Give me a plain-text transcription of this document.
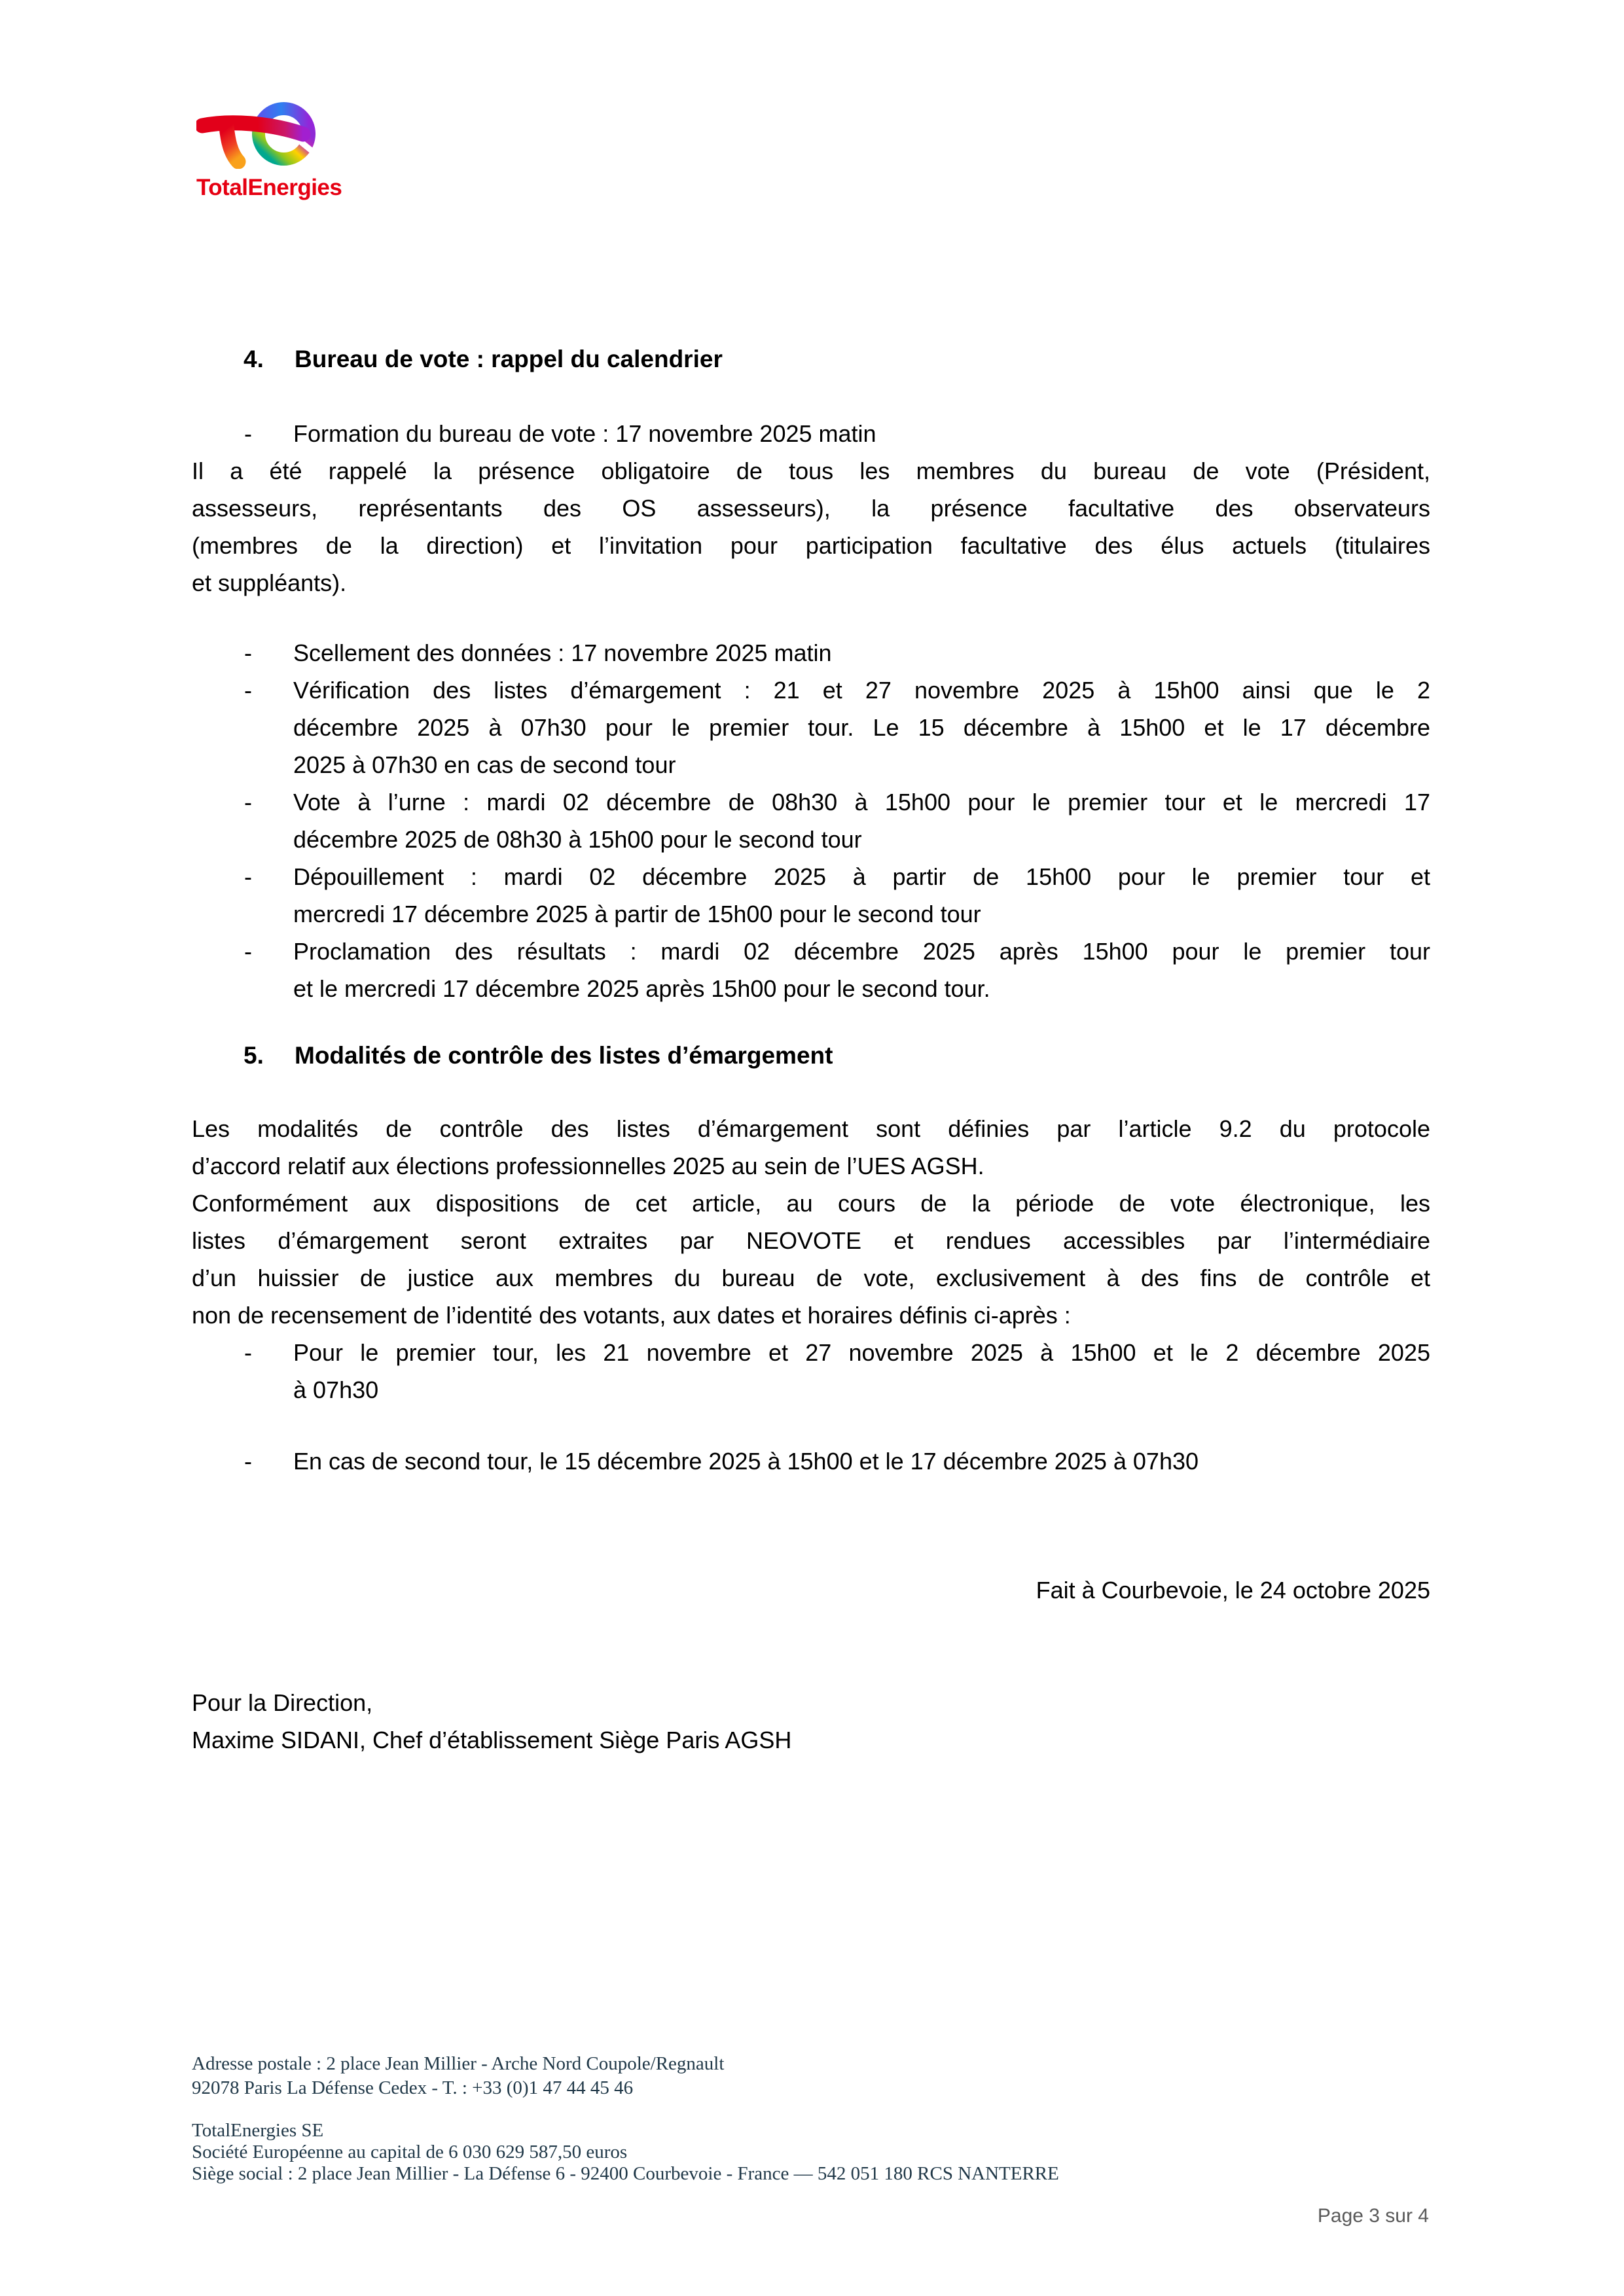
TotalEnergies
4.	Bureau de vote : rappel du calendrier
-	Formation du bureau de vote : 17 novembre 2025 matin
Il a été rappelé la présence obligatoire de tous les membres du bureau de vote (Président,
assesseurs, représentants des OS assesseurs), la présence facultative des observateurs
(membres de la direction) et l’invitation pour participation facultative des élus actuels (titulaires
et suppléants).
-	Scellement des données : 17 novembre 2025 matin
-	Vérification des listes d’émargement : 21 et 27 novembre 2025 à 15h00 ainsi que le 2
décembre 2025 à 07h30 pour le premier tour. Le 15 décembre à 15h00 et le 17 décembre
2025 à 07h30 en cas de second tour
-	Vote à l’urne : mardi 02 décembre de 08h30 à 15h00 pour le premier tour et le mercredi 17
décembre 2025 de 08h30 à 15h00 pour le second tour
-	Dépouillement : mardi 02 décembre 2025 à partir de 15h00 pour le premier tour et
mercredi 17 décembre 2025 à partir de 15h00 pour le second tour
-	Proclamation des résultats : mardi 02 décembre 2025 après 15h00 pour le premier tour
et le mercredi 17 décembre 2025 après 15h00 pour le second tour.
5.	Modalités de contrôle des listes d’émargement
Les modalités de contrôle des listes d’émargement sont définies par l’article 9.2 du protocole
d’accord relatif aux élections professionnelles 2025 au sein de l’UES AGSH.
Conformément aux dispositions de cet article, au cours de la période de vote électronique, les
listes d’émargement seront extraites par NEOVOTE et rendues accessibles par l’intermédiaire
d’un huissier de justice aux membres du bureau de vote, exclusivement à des fins de contrôle et
non de recensement de l’identité des votants, aux dates et horaires définis ci-après :
-	Pour le premier tour, les 21 novembre et 27 novembre 2025 à 15h00 et le 2 décembre 2025
à 07h30
-	En cas de second tour, le 15 décembre 2025 à 15h00 et le 17 décembre 2025 à 07h30
Fait à Courbevoie, le 24 octobre 2025
Pour la Direction,
Maxime SIDANI, Chef d’établissement Siège Paris AGSH
Adresse postale : 2 place Jean Millier - Arche Nord Coupole/Regnault
92078 Paris La Défense Cedex - T. : +33 (0)1 47 44 45 46
TotalEnergies SE
Société Européenne au capital de 6 030 629 587,50 euros
Siège social : 2 place Jean Millier - La Défense 6 - 92400 Courbevoie - France — 542 051 180 RCS NANTERRE
Page 3 sur 4
